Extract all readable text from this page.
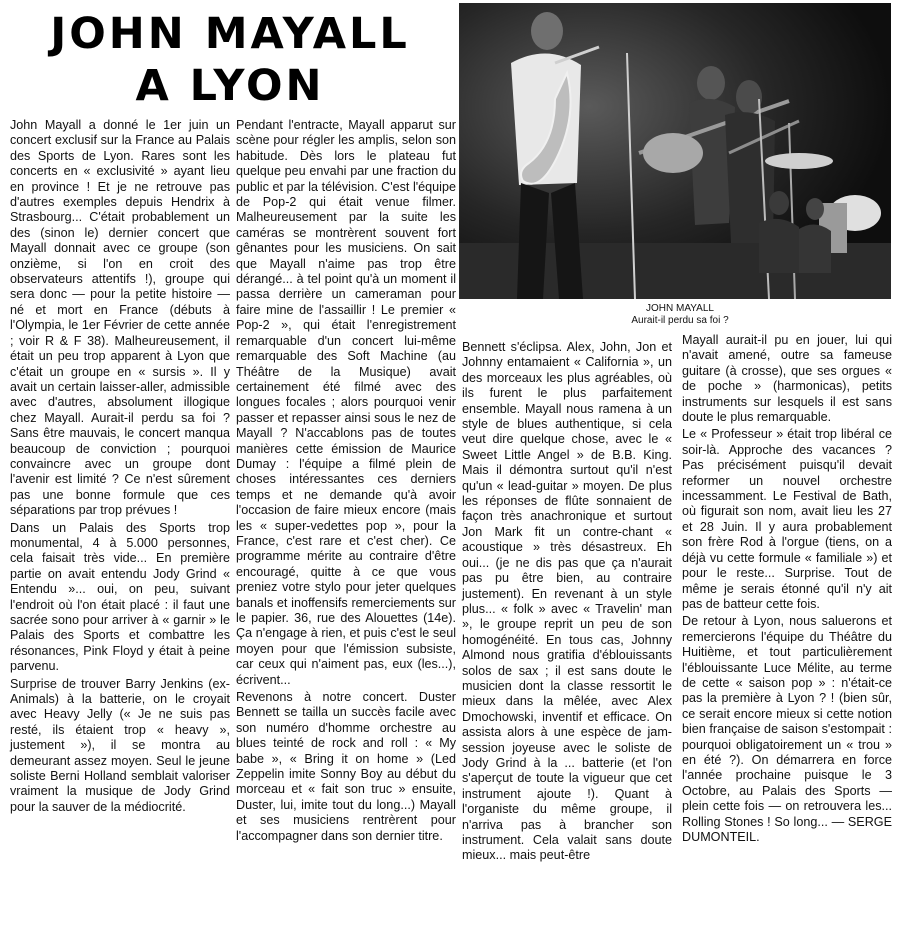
JOHN MAYALL
A LYON
JOHN MAYALL
Aurait-il perdu sa foi ?

John Mayall a donné le 1er juin un concert exclusif sur la France au Palais des Sports de Lyon. Rares sont les concerts en « exclusivité » ayant lieu en province ! Et je ne retrouve pas d'autres exemples depuis Hendrix à Strasbourg... C'était probablement un des (sinon le) dernier concert que Mayall donnait avec ce groupe (son onzième, si l'on en croit des observateurs attentifs !), groupe qui sera donc — pour la petite histoire — né et mort en France (débuts à l'Olympia, le 1er Février de cette année ; voir R & F 38). Malheureusement, il était un peu trop apparent à Lyon que c'était un groupe en « sursis ». Il y avait un certain laisser-aller, admissible avec d'autres, absolument illogique chez Mayall. Aurait-il perdu sa foi ? Sans être mauvais, le concert manqua beaucoup de conviction ; pourquoi convaincre avec un groupe dont l'avenir est limité ? Ce n'est sûrement pas une bonne formule que ces séparations par trop prévues !

Dans un Palais des Sports trop monumental, 4 à 5.000 personnes, cela faisait très vide... En première partie on avait entendu Jody Grind « Entendu »... oui, on peu, suivant l'endroit où l'on était placé : il faut une sacrée sono pour arriver à « garnir » le Palais des Sports et combattre les résonances, Pink Floyd y était à peine parvenu.

Surprise de trouver Barry Jenkins (ex-Animals) à la batterie, on le croyait avec Heavy Jelly (« Je ne suis pas resté, ils étaient trop « heavy », justement »), il se montra au demeurant assez moyen. Seul le jeune soliste Berni Holland semblait valoriser vraiment la musique de Jody Grind pour la sauver de la médiocrité.

Pendant l'entracte, Mayall apparut sur scène pour régler les amplis, selon son habitude. Dès lors le plateau fut quelque peu envahi par une fraction du public et par la télévision. C'est l'équipe de Pop-2 qui était venue filmer. Malheureusement par la suite les caméras se montrèrent souvent fort gênantes pour les musiciens. On sait que Mayall n'aime pas trop être dérangé... à tel point qu'à un moment il passa derrière un cameraman pour faire mine de l'assaillir ! Le premier « Pop-2 », qui était l'enregistrement remarquable d'un concert lui-même remarquable des Soft Machine (au Théâtre de la Musique) avait certainement été filmé avec des longues focales ; alors pourquoi venir passer et repasser ainsi sous le nez de Mayall ? N'accablons pas de toutes manières cette émission de Maurice Dumay : l'équipe a filmé plein de choses intéressantes ces derniers temps et ne demande qu'à avoir l'occasion de faire mieux encore (mais les « super-vedettes pop », pour la France, c'est rare et c'est cher). Ce programme mérite au contraire d'être encouragé, quitte à ce que vous preniez votre stylo pour jeter quelques banals et inoffensifs remerciements sur le papier. 36, rue des Alouettes (14e). Ça n'engage à rien, et puis c'est le seul moyen pour que l'émission subsiste, car ceux qui n'aiment pas, eux (les...), écrivent...

Revenons à notre concert. Duster Bennett se tailla un succès facile avec son numéro d'homme orchestre au blues teinté de rock and roll : « My babe », « Bring it on home » (Led Zeppelin imite Sonny Boy au début du morceau et « fait son truc » ensuite, Duster, lui, imite tout du long...) Mayall et ses musiciens rentrèrent pour l'accompagner dans son dernier titre.

Bennett s'éclipsa. Alex, John, Jon et Johnny entamaient « California », un des morceaux les plus agréables, où ils furent le plus parfaitement ensemble. Mayall nous ramena à un style de blues authentique, si cela veut dire quelque chose, avec le « Sweet Little Angel » de B.B. King. Mais il démontra surtout qu'il n'est qu'un « lead-guitar » moyen. De plus les réponses de flûte sonnaient de façon très anachronique et surtout Jon Mark fit un contre-chant « acoustique » très désastreux. Eh oui... (je ne dis pas que ça n'aurait pas pu être bien, au contraire justement). En revenant à un style plus... « folk » avec « Travelin' man », le groupe reprit un peu de son homogénéité. En tous cas, Johnny Almond nous gratifia d'éblouissants solos de sax ; il est sans doute le musicien dont la classe ressortit le mieux dans la mêlée, avec Alex Dmochowski, inventif et efficace. On assista alors à une espèce de jam-session joyeuse avec le soliste de Jody Grind à la ... batterie (et l'on s'aperçut de toute la vigueur que cet instrument ajoute !). Quant à l'organiste du même groupe, il n'arriva pas à brancher son instrument. Cela valait sans doute mieux... mais peut-être

Mayall aurait-il pu en jouer, lui qui n'avait amené, outre sa fameuse guitare (à crosse), que ses orgues « de poche » (harmonicas), petits instruments sur lesquels il est sans doute le plus remarquable.

Le « Professeur » était trop libéral ce soir-là. Approche des vacances ? Pas précisément puisqu'il devait reformer un nouvel orchestre incessamment. Le Festival de Bath, où figurait son nom, avait lieu les 27 et 28 Juin. Il y aura probablement son frère Rod à l'orgue (tiens, on a déjà vu cette formule « familiale ») et pour le reste... Surprise. Tout de même je serais étonné qu'il n'y ait pas de batteur cette fois.

De retour à Lyon, nous saluerons et remercierons l'équipe du Théâtre du Huitième, et tout particulièrement l'éblouissante Luce Mélite, au terme de cette « saison pop » : n'était-ce pas la première à Lyon ? ! (bien sûr, ce serait encore mieux si cette notion bien française de saison s'estompait : pourquoi obligatoirement un « trou » en été ?). On démarrera en force l'année prochaine puisque le 3 Octobre, au Palais des Sports — plein cette fois — on retrouvera les... Rolling Stones ! So long... — SERGE DUMONTEIL.
